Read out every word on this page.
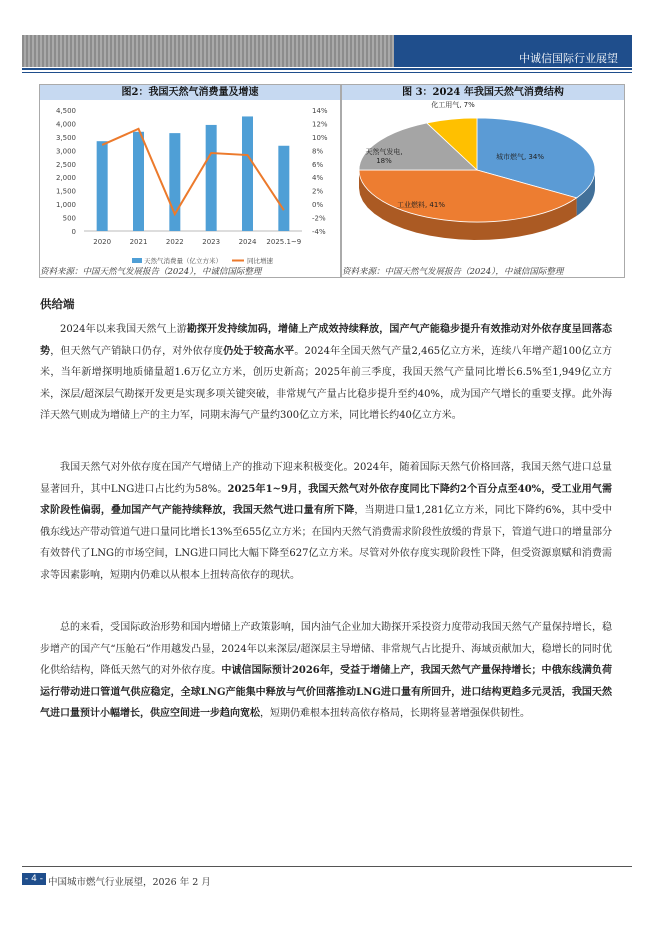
中诚信国际行业展望
图2：我国天然气消费量及增速
4,500
4,000
3,500
3,000
2,500
2,000
1,500
1,000
500
0
14%
12%
10%
8%
6%
4%
2%
0%
-2%
-4%
2020	2021	2022	2023	2024 2025.1~9
天然气消费量（亿立方米）	同比增速
资料来源：中国天然气发展报告（2024），中诚信国际整理
图 3：2024 年我国天然气消费结构
城市燃气, 34%
工业燃料, 41%
天然气发电, 18%
化工用气, 7%
资料来源：中国天然气发展报告（2024），中诚信国际整理
供给端
2024年以来我国天然气上游勘探开发持续加码，增储上产成效持续释放，国产气产能稳步提升有效推动对外依存度呈回落态势，但天然气产销缺口仍存，对外依存度仍处于较高水平。2024年全国天然气产量2,465亿立方米，连续八年增产超100亿立方米，当年新增探明地质储量超1.6万亿立方米，创历史新高；2025年前三季度，我国天然气产量同比增长6.5%至1,949亿立方米，深层/超深层气勘探开发更是实现多项关键突破，非常规气产量占比稳步提升至约40%，成为国产气增长的重要支撑。此外海洋天然气则成为增储上产的主力军，同期末海气产量约300亿立方米，同比增长约40亿立方米。
我国天然气对外依存度在国产气增储上产的推动下迎来积极变化。2024年，随着国际天然气价格回落，我国天然气进口总量显著回升，其中LNG进口占比约为58%。2025年1~9月，我国天然气对外依存度同比下降约2个百分点至40%，受工业用气需求阶段性偏弱，叠加国产气产能持续释放，我国天然气进口量有所下降，当期进口量1,281亿立方米，同比下降约6%，其中受中俄东线达产带动管道气进口量同比增长13%至655亿立方米；在国内天然气消费需求阶段性放缓的背景下，管道气进口的增量部分有效替代了LNG的市场空间，LNG进口同比大幅下降至627亿立方米。尽管对外依存度实现阶段性下降，但受资源禀赋和消费需求等因素影响，短期内仍难以从根本上扭转高依存的现状。
总的来看，受国际政治形势和国内增储上产政策影响，国内油气企业加大勘探开采投资力度带动我国天然气产量保持增长，稳步增产的国产气“压舱石”作用越发凸显，2024年以来深层/超深层主导增储、非常规气占比提升、海域贡献加大，稳增长的同时优化供给结构，降低天然气的对外依存度。中诚信国际预计2026年，受益于增储上产，我国天然气产量保持增长；中俄东线满负荷运行带动进口管道气供应稳定，全球LNG产能集中释放与气价回落推动LNG进口量有所回升，进口结构更趋多元灵活，我国天然气进口量预计小幅增长，供应空间进一步趋向宽松，短期仍难根本扭转高依存格局，长期将显著增强保供韧性。
- 4 - 中国城市燃气行业展望，2026 年 2 月
